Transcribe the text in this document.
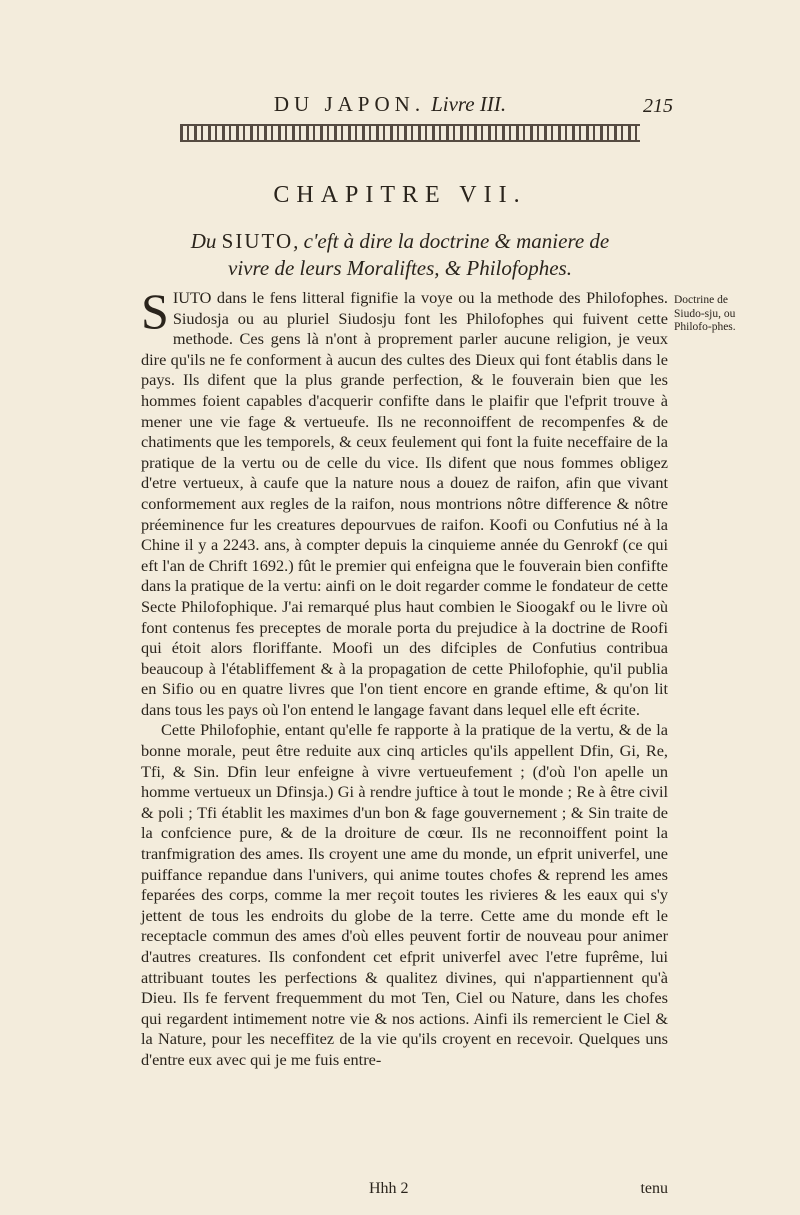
DU JAPON. Livre III.	215
CHAPITRE VII.
Du SIUTO, c'eft à dire la doctrine & maniere de
vivre de leurs Moraliftes, & Philofophes.

SIUTO dans le fens litteral fignifie la voye ou la methode des Philofophes. Siudosja ou au pluriel Siudosju font les Philofophes qui fuivent cette methode. Ces gens là n'ont à proprement parler aucune religion, je veux dire qu'ils ne fe conforment à aucun des cultes des Dieux qui font établis dans le pays. Ils difent que la plus grande perfection, & le fouverain bien que les hommes foient capables d'acquerir confifte dans le plaifir que l'efprit trouve à mener une vie fage & vertueufe. Ils ne reconnoiffent de recompenfes & de chatiments que les temporels, & ceux feulement qui font la fuite neceffaire de la pratique de la vertu ou de celle du vice. Ils difent que nous fommes obligez d'etre vertueux, à caufe que la nature nous a douez de raifon, afin que vivant conformement aux regles de la raifon, nous montrions nôtre difference & nôtre préeminence fur les creatures depourvues de raifon. Koofi ou Confutius né à la Chine il y a 2243. ans, à compter depuis la cinquieme année du Genrokf (ce qui eft l'an de Chrift 1692.) fût le premier qui enfeigna que le fouverain bien confifte dans la pratique de la vertu: ainfi on le doit regarder comme le fondateur de cette Secte Philofophique. J'ai remarqué plus haut combien le Sioogakf ou le livre où font contenus fes preceptes de morale porta du prejudice à la doctrine de Roofi qui étoit alors floriffante. Moofi un des difciples de Confutius contribua beaucoup à l'établiffement & à la propagation de cette Philofophie, qu'il publia en Sifio ou en quatre livres que l'on tient encore en grande eftime, & qu'on lit dans tous les pays où l'on entend le langage favant dans lequel elle eft écrite.

Cette Philofophie, entant qu'elle fe rapporte à la pratique de la vertu, & de la bonne morale, peut être reduite aux cinq articles qu'ils appellent Dfin, Gi, Re, Tfi, & Sin. Dfin leur enfeigne à vivre vertueufement ; (d'où l'on apelle un homme vertueux un Dfinsja.) Gi à rendre juftice à tout le monde ; Re à être civil & poli ; Tfi établit les maximes d'un bon & fage gouvernement ; & Sin traite de la confcience pure, & de la droiture de cœur. Ils ne reconnoiffent point la tranfmigration des ames. Ils croyent une ame du monde, un efprit univerfel, une puiffance repandue dans l'univers, qui anime toutes chofes & reprend les ames feparées des corps, comme la mer reçoit toutes les rivieres & les eaux qui s'y jettent de tous les endroits du globe de la terre. Cette ame du monde eft le receptacle commun des ames d'où elles peuvent fortir de nouveau pour animer d'autres creatures. Ils confondent cet efprit univerfel avec l'etre fuprême, lui attribuant toutes les perfections & qualitez divines, qui n'appartiennent qu'à Dieu. Ils fe fervent frequemment du mot Ten, Ciel ou Nature, dans les chofes qui regardent intimement notre vie & nos actions. Ainfi ils remercient le Ciel & la Nature, pour les neceffitez de la vie qu'ils croyent en recevoir. Quelques uns d'entre eux avec qui je me fuis entre-

Doctrine de Siudo-sju, ou Philofo-phes.
Hhh 2	tenu
